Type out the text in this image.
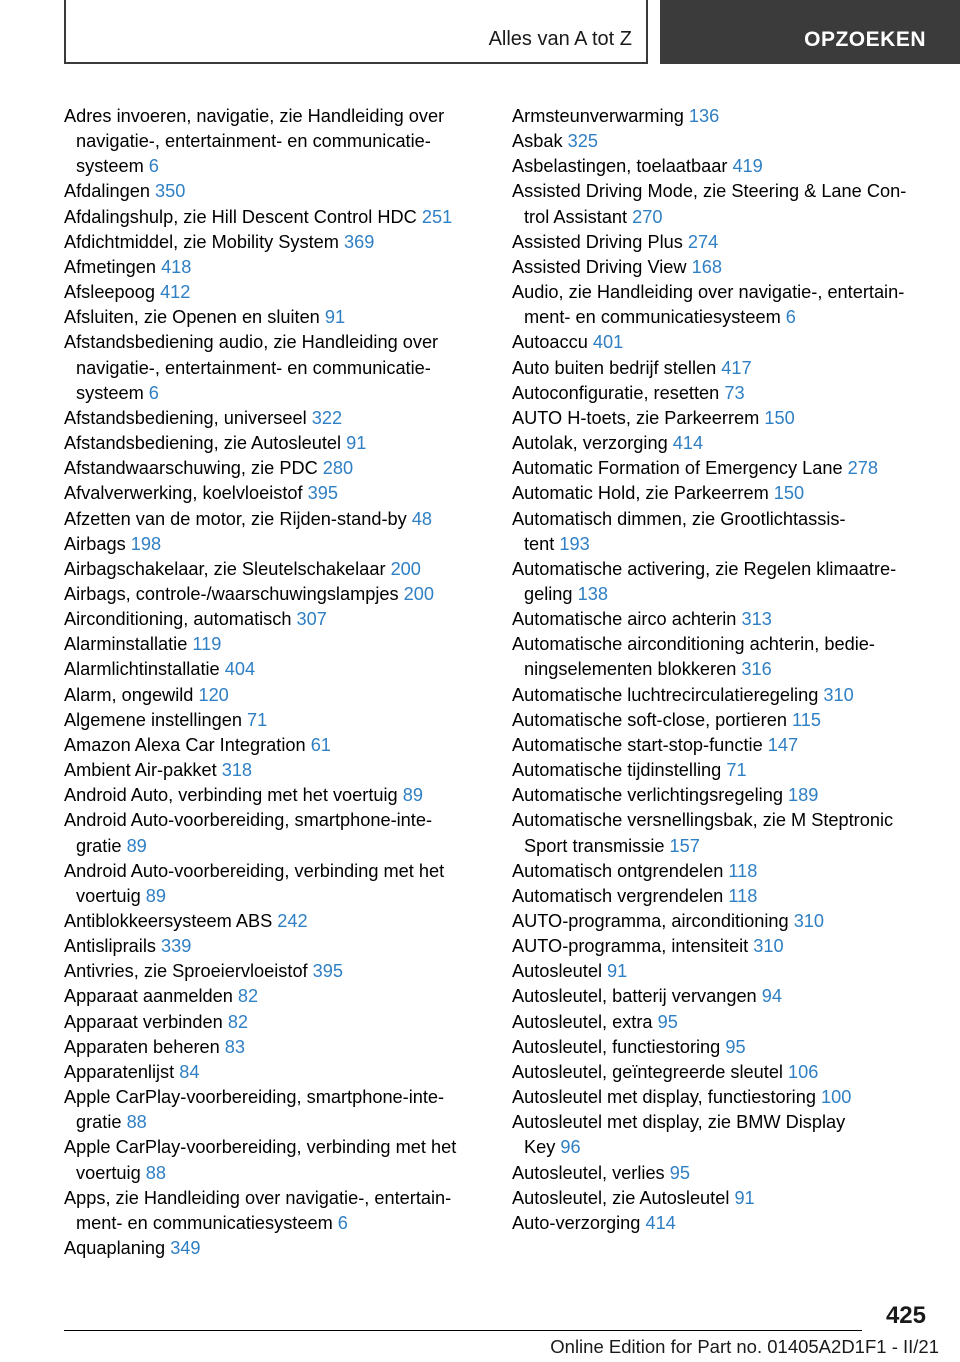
Alles van A tot Z	OPZOEKEN
Adres invoeren, navigatie, zie Handleiding over
navigatie-, entertainment- en communicatie-
systeem 6
Afdalingen 350
Afdalingshulp, zie Hill Descent Control HDC 251
Afdichtmiddel, zie Mobility System 369
Afmetingen 418
Afsleepoog 412
Afsluiten, zie Openen en sluiten 91
Afstandsbediening audio, zie Handleiding over
navigatie-, entertainment- en communicatie-
systeem 6
Afstandsbediening, universeel 322
Afstandsbediening, zie Autosleutel 91
Afstandwaarschuwing, zie PDC 280
Afvalverwerking, koelvloeistof 395
Afzetten van de motor, zie Rijden-stand-by 48
Airbags 198
Airbagschakelaar, zie Sleutelschakelaar 200
Airbags, controle-/waarschuwingslampjes 200
Airconditioning, automatisch 307
Alarminstallatie 119
Alarmlichtinstallatie 404
Alarm, ongewild 120
Algemene instellingen 71
Amazon Alexa Car Integration 61
Ambient Air-pakket 318
Android Auto, verbinding met het voertuig 89
Android Auto-voorbereiding, smartphone-inte-
gratie 89
Android Auto-voorbereiding, verbinding met het
voertuig 89
Antiblokkeersysteem ABS 242
Antisliprails 339
Antivries, zie Sproeiervloeistof 395
Apparaat aanmelden 82
Apparaat verbinden 82
Apparaten beheren 83
Apparatenlijst 84
Apple CarPlay-voorbereiding, smartphone-inte-
gratie 88
Apple CarPlay-voorbereiding, verbinding met het
voertuig 88
Apps, zie Handleiding over navigatie-, entertain-
ment- en communicatiesysteem 6
Aquaplaning 349
Armsteunverwarming 136
Asbak 325
Asbelastingen, toelaatbaar 419
Assisted Driving Mode, zie Steering & Lane Con-
trol Assistant 270
Assisted Driving Plus 274
Assisted Driving View 168
Audio, zie Handleiding over navigatie-, entertain-
ment- en communicatiesysteem 6
Autoaccu 401
Auto buiten bedrijf stellen 417
Autoconfiguratie, resetten 73
AUTO H-toets, zie Parkeerrem 150
Autolak, verzorging 414
Automatic Formation of Emergency Lane 278
Automatic Hold, zie Parkeerrem 150
Automatisch dimmen, zie Grootlichtassis-
tent 193
Automatische activering, zie Regelen klimaatre-
geling 138
Automatische airco achterin 313
Automatische airconditioning achterin, bedie-
ningselementen blokkeren 316
Automatische luchtrecirculatieregeling 310
Automatische soft-close, portieren 115
Automatische start-stop-functie 147
Automatische tijdinstelling 71
Automatische verlichtingsregeling 189
Automatische versnellingsbak, zie M Steptronic
Sport transmissie 157
Automatisch ontgrendelen 118
Automatisch vergrendelen 118
AUTO-programma, airconditioning 310
AUTO-programma, intensiteit 310
Autosleutel 91
Autosleutel, batterij vervangen 94
Autosleutel, extra 95
Autosleutel, functiestoring 95
Autosleutel, geïntegreerde sleutel 106
Autosleutel met display, functiestoring 100
Autosleutel met display, zie BMW Display
Key 96
Autosleutel, verlies 95
Autosleutel, zie Autosleutel 91
Auto-verzorging 414
425
Online Edition for Part no. 01405A2D1F1 - II/21
